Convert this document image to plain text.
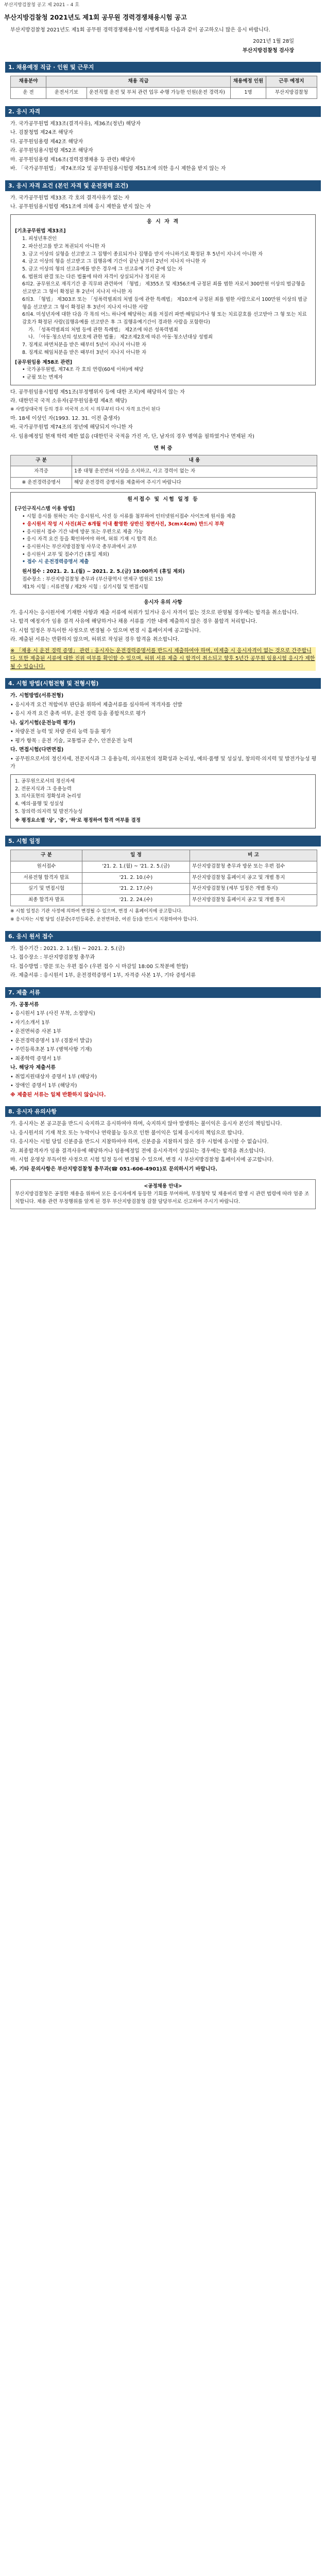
부산지방검찰청 공고 제 2021 – 4 호
부산지방검찰청 2021년도 제1회 공무원 경력경쟁채용시험 공고
부산지방검찰청 2021년도 제1회 공무원 경력경쟁채용시험 시행계획을 다음과 같이 공고하오니 많은 응시 바랍니다.
2021년 1월 28일
부산지방검찰청 검사장
1. 채용예정 직급 · 인원 및 근무지
채용분야	채용 직급		채용예정 인원	근무 예정지
운 전	운전서기보	운전직렬 운전 및 부처 관련 업무 수행 가능한 인원(운전 경력자)	1명	부산지방검찰청
2. 응시 자격
가. 국가공무원법 제33조(결격사유), 제36조(정년) 해당자
나. 검찰청법 제24조 해당자
다. 공무원임용령 제42조 해당자
라. 공무원임용시험령 제52조 해당자
마. 공무원임용령 제16조(경력경쟁채용 등 관련) 해당자
바. 「국가공무원법」 제74조의2 및 공무원임용시험령 제51조에 의한 응시 제한을 받지 않는 자
3. 응시 자격 요건 (본인 자격 및 운전경력 조건)
가. 국가공무원법 제33조 각 호의 결격사유가 없는 자
나. 공무원임용시험령 제51조에 의해 응시 제한을 받지 않는 자
응 시 자 격
[기초공무원법 제33조]
1. 피성년후견인
2. 파산선고를 받고 복권되지 아니한 자
3. 금고 이상의 실형을 선고받고 그 집행이 종료되거나 집행을 받지 아니하기로 확정된 후 5년이 지나지 아니한 자
4. 금고 이상의 형을 선고받고 그 집행유예 기간이 끝난 날부터 2년이 지나지 아니한 자
5. 금고 이상의 형의 선고유예를 받은 경우에 그 선고유예 기간 중에 있는 자
6. 법원의 판결 또는 다른 법률에 따라 자격이 상실되거나 정지된 자
6의2. 공무원으로 재직기간 중 직무와 관련하여 「형법」 제355조 및 제356조에 규정된 죄를 범한 자로서 300만원 이상의 벌금형을 선고받고 그 형이 확정된 후 2년이 지나지 아니한 자
6의3. 「형법」 제303조 또는 「성폭력범죄의 처벌 등에 관한 특례법」 제10조에 규정된 죄를 범한 사람으로서 100만원 이상의 벌금형을 선고받고 그 형이 확정된 후 3년이 지나지 아니한 사람
6의4. 미성년자에 대한 다음 각 목의 어느 하나에 해당하는 죄를 저질러 파면·해임되거나 형 또는 치료감호를 선고받아 그 형 또는 치료감호가 확정된 사람(집행유예를 선고받은 후 그 집행유예기간이 경과한 사람을 포함한다)
가. 「성폭력범죄의 처벌 등에 관한 특례법」 제2조에 따른 성폭력범죄
나. 「아동·청소년의 성보호에 관한 법률」 제2조제2호에 따른 아동·청소년대상 성범죄
7. 징계로 파면처분을 받은 때부터 5년이 지나지 아니한 자
8. 징계로 해임처분을 받은 때부터 3년이 지나지 아니한 자
[공무원임용 제58조 관련]
• 국가공무원법, 제74조 각 호의 연령(60세 이하)에 해당
• 군필 또는 면제자
다. 공무원임용시험령 제51조(부정행위자 등에 대한 조치)에 해당하지 않는 자
라. 대한민국 국적 소유자(공무원임용령 제4조 해당)
※ 사법상대국적 등의 경우 미국적 소지 시 의무부터 다시 자격 요건이 된다
마. 18세 이상인 자(1993. 12. 31. 이전 출생자)
바. 국가공무원법 제74조의 정년에 해당되지 아니한 자
사. 임용예정일 현재 학력 제한 없음 (대한민국 국적을 가진 자, 단, 남자의 경우 병역을 필하였거나 면제된 자)
면 허 증
구 분	내 용
자격증	1종 대형 운전면허 이상을 소지하고, 사고 경력이 없는 자
※ 운전경력증명서	해당 운전경력 증명서를 제출하여 주시기 바랍니다
원서접수 및 시험 일정 등
[구인구직시스템 이용 방법]
• 시험 응시를 원하는 자는 응시원서, 사진 등 서류를 첨부하여 인터넷원서접수 사이트에 원서를 제출
• 응시원서 작성 시 사진(최근 6개월 이내 촬영한 상반신 정면사진, 3cm×4cm) 반드시 부착
• 응시원서 접수 기간 내에 방문 또는 우편으로 제출 가능
• 응시 자격 요건 등을 확인하여야 하며, 허위 기재 시 합격 취소
• 응시원서는 부산지방검찰청 사무국 총무과에서 교부
• 응시원서 교부 및 접수기간 (휴일 제외)
• 접수 시 운전경력증명서 제출
원서접수 : 2021. 2. 1.(월) ~ 2021. 2. 5.(금) 18:00까지 (휴일 제외)
접수장소 : 부산지방검찰청 총무과 (부산광역시 연제구 법원로 15)
제1차 시험 : 서류전형 / 제2차 시험 : 실기시험 및 면접시험
응시자 유의 사항
가. 응시자는 응시원서에 기재한 사항과 제출 서류에 허위가 있거나 응시 자격이 없는 것으로 판명될 경우에는 합격을 취소합니다.
나. 합격 예정자가 임용 결격 사유에 해당하거나 채용 서류를 기한 내에 제출하지 않은 경우 불합격 처리합니다.
다. 시험 일정은 부득이한 사정으로 변경될 수 있으며 변경 시 홈페이지에 공고합니다.
라. 제출된 서류는 반환하지 않으며, 허위로 작성된 경우 합격을 취소합니다.
※ 「채용 시 운전 경력 증명」 관련 : 응시자는 운전경력증명서를 반드시 제출하여야 하며, 미제출 시 응시자격이 없는 것으로 간주합니다. 또한 제출된 서류에 대한 진위 여부를 확인할 수 있으며, 허위 서류 제출 시 합격이 취소되고 향후 5년간 공무원 임용시험 응시가 제한될 수 있습니다.
4. 시험 방법(시험전형 및 전형시험)
가. 시험방법(서류전형)
• 응시자격 요건 적합여부 판단을 위하여 제출서류를 심사하여 적격자를 선발
• 응시 자격 요건 충족 여부, 운전 경력 등을 종합적으로 평가
나. 실기시험(운전능력 평가)
• 차량운전 능력 및 차량 관리 능력 등을 평가
• 평가 항목 : 운전 기술, 교통법규 준수, 안전운전 능력
다. 면접시험(다면면접)
• 공무원으로서의 정신자세, 전문지식과 그 응용능력, 의사표현의 정확성과 논리성, 예의·품행 및 성실성, 창의력·의지력 및 발전가능성 평가
1. 공무원으로서의 정신자세
2. 전문지식과 그 응용능력
3. 의사표현의 정확성과 논리성
4. 예의·품행 및 성실성
5. 창의력·의지력 및 발전가능성
※ 평정요소별 '상', '중', '하'로 평정하여 합격 여부를 결정
5. 시험 일정
구 분	일 정	비 고
원서접수	'21. 2. 1.(월) ~ '21. 2. 5.(금)	부산지방검찰청 총무과 방문 또는 우편 접수
서류전형 합격자 발표	'21. 2. 10.(수)	부산지방검찰청 홈페이지 공고 및 개별 통지
실기 및 면접시험	'21. 2. 17.(수)	부산지방검찰청 (세부 일정은 개별 통지)
최종 합격자 발표	'21. 2. 24.(수)	부산지방검찰청 홈페이지 공고 및 개별 통지
※ 시험 일정은 기관 사정에 의하여 변경될 수 있으며, 변경 시 홈페이지에 공고합니다.
※ 응시자는 시험 당일 신분증(주민등록증, 운전면허증, 여권 등)을 반드시 지참하여야 합니다.
6. 응시 원서 접수
가. 접수기간 : 2021. 2. 1.(월) ~ 2021. 2. 5.(금)
나. 접수장소 : 부산지방검찰청 총무과
다. 접수방법 : 방문 또는 우편 접수 (우편 접수 시 마감일 18:00 도착분에 한함)
라. 제출서류 : 응시원서 1부, 운전경력증명서 1부, 자격증 사본 1부, 기타 증빙서류
7. 제출 서류
가. 공통서류
• 응시원서 1부 (사진 부착, 소정양식)
• 자기소개서 1부
• 운전면허증 사본 1부
• 운전경력증명서 1부 (경찰서 발급)
• 주민등록초본 1부 (병역사항 기재)
• 최종학력 증명서 1부
나. 해당자 제출서류
• 취업지원대상자 증명서 1부 (해당자)
• 장애인 증명서 1부 (해당자)
※ 제출된 서류는 일체 반환하지 않습니다.
8. 응시자 유의사항
가. 응시자는 본 공고문을 반드시 숙지하고 응시하여야 하며, 숙지하지 않아 발생하는 불이익은 응시자 본인의 책임입니다.
나. 응시원서의 기재 착오 또는 누락이나 연락불능 등으로 인한 불이익은 일체 응시자의 책임으로 합니다.
다. 응시자는 시험 당일 신분증을 반드시 지참하여야 하며, 신분증을 지참하지 않은 경우 시험에 응시할 수 없습니다.
라. 최종합격자가 임용 결격사유에 해당하거나 임용예정일 전에 응시자격이 상실되는 경우에는 합격을 취소합니다.
마. 시험 운영상 부득이한 사정으로 시험 일정 등이 변경될 수 있으며, 변경 시 부산지방검찰청 홈페이지에 공고합니다.
바. 기타 문의사항은 부산지방검찰청 총무과(☎ 051-606-4901)로 문의하시기 바랍니다.
<공정채용 안내>
부산지방검찰청은 공정한 채용을 위하여 모든 응시자에게 동등한 기회를 부여하며, 부정청탁 및 채용비리 발생 시 관련 법령에 따라 엄중 조치합니다. 채용 관련 부정행위를 알게 된 경우 부산지방검찰청 감찰 담당부서로 신고하여 주시기 바랍니다.
